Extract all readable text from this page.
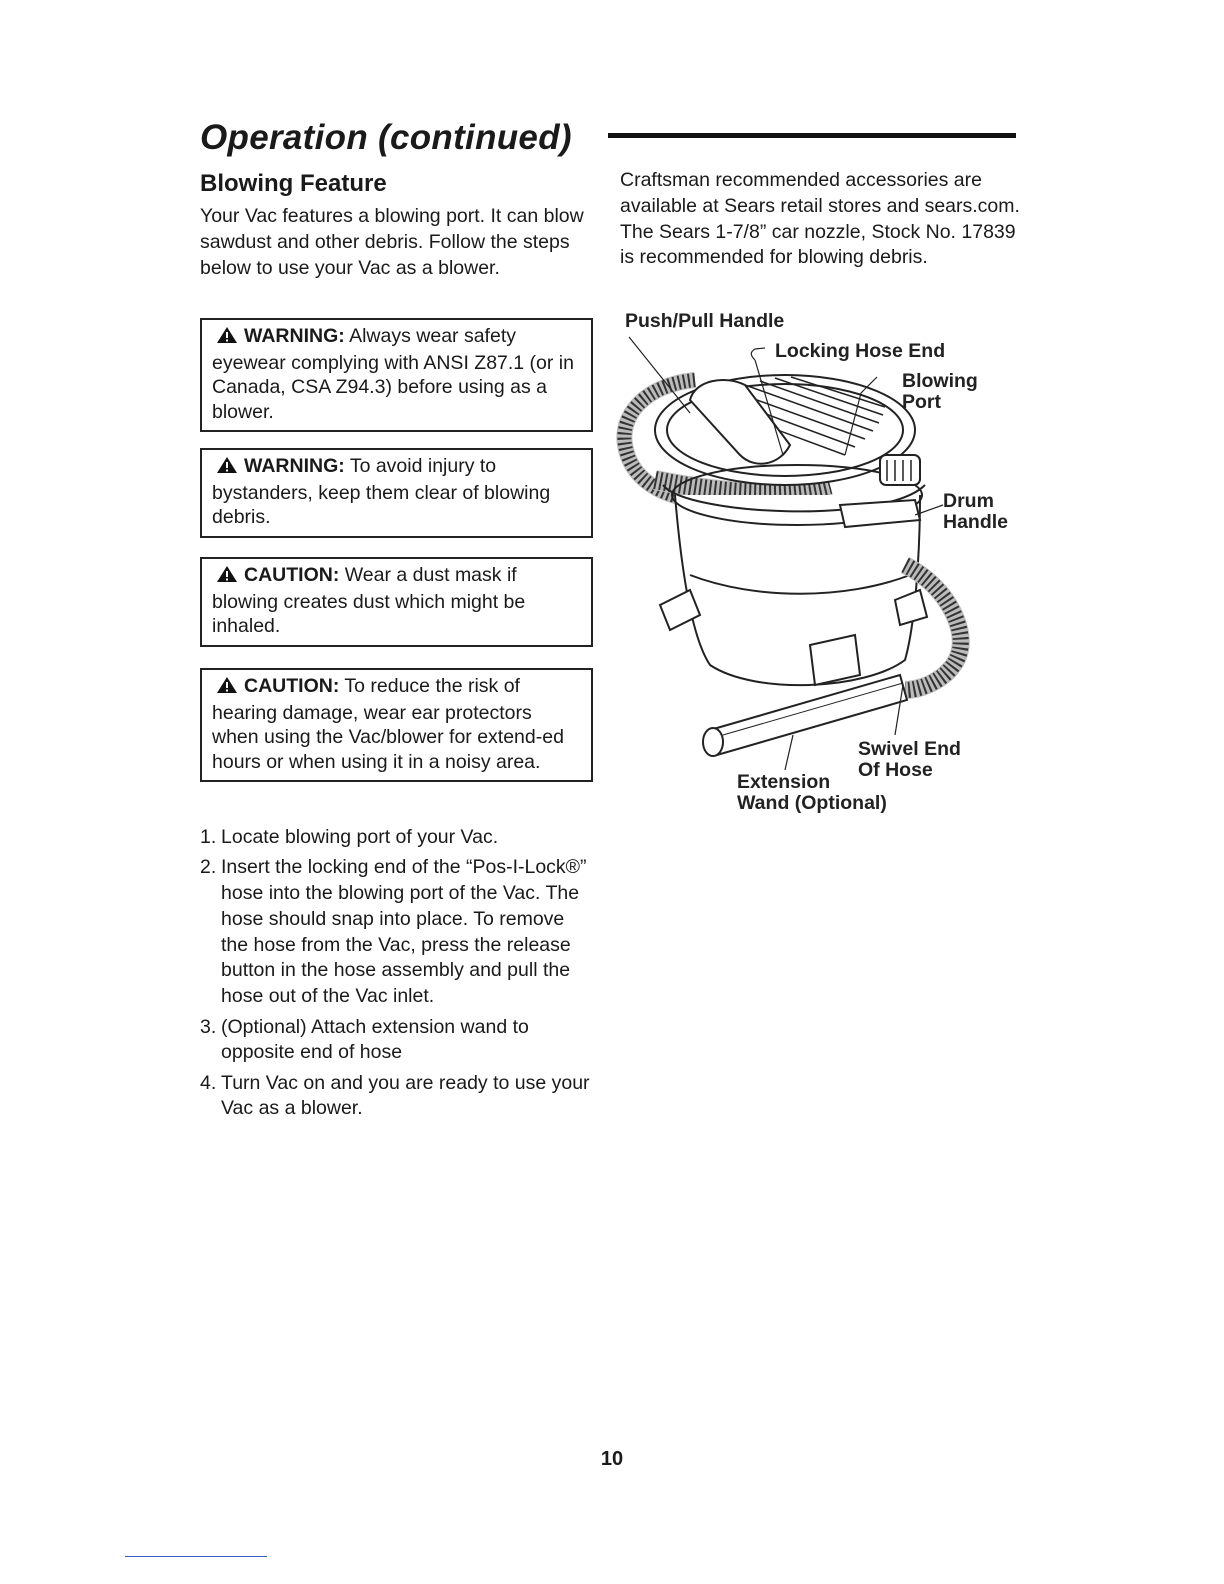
Operation (continued)
Blowing Feature

Your Vac features a blowing port. It can blow sawdust and other debris. Follow the steps below to use your Vac as a blower.

WARNING: Always wear safety eyewear complying with ANSI Z87.1 (or in Canada, CSA Z94.3) before using as a blower.
WARNING: To avoid injury to bystanders, keep them clear of blowing debris.
CAUTION: Wear a dust mask if blowing creates dust which might be inhaled.
CAUTION: To reduce the risk of hearing damage, wear ear protectors when using the Vac/blower for extend-ed hours or when using it in a noisy area.
1. Locate blowing port of your Vac.
2. Insert the locking end of the “Pos-I-Lock®” hose into the blowing port of the Vac. The hose should snap into place. To remove the hose from the Vac, press the release button in the hose assembly and pull the hose out of the Vac inlet.
3. (Optional) Attach extension wand to opposite end of hose
4. Turn Vac on and you are ready to use your Vac as a blower.

Craftsman recommended accessories are available at Sears retail stores and sears.com. The Sears 1-7/8” car nozzle, Stock No. 17839 is recommended for blowing debris.

Push/Pull Handle
Locking Hose End
Blowing
Port
Drum
Handle
Swivel End
Of Hose
Extension
Wand (Optional)
10
